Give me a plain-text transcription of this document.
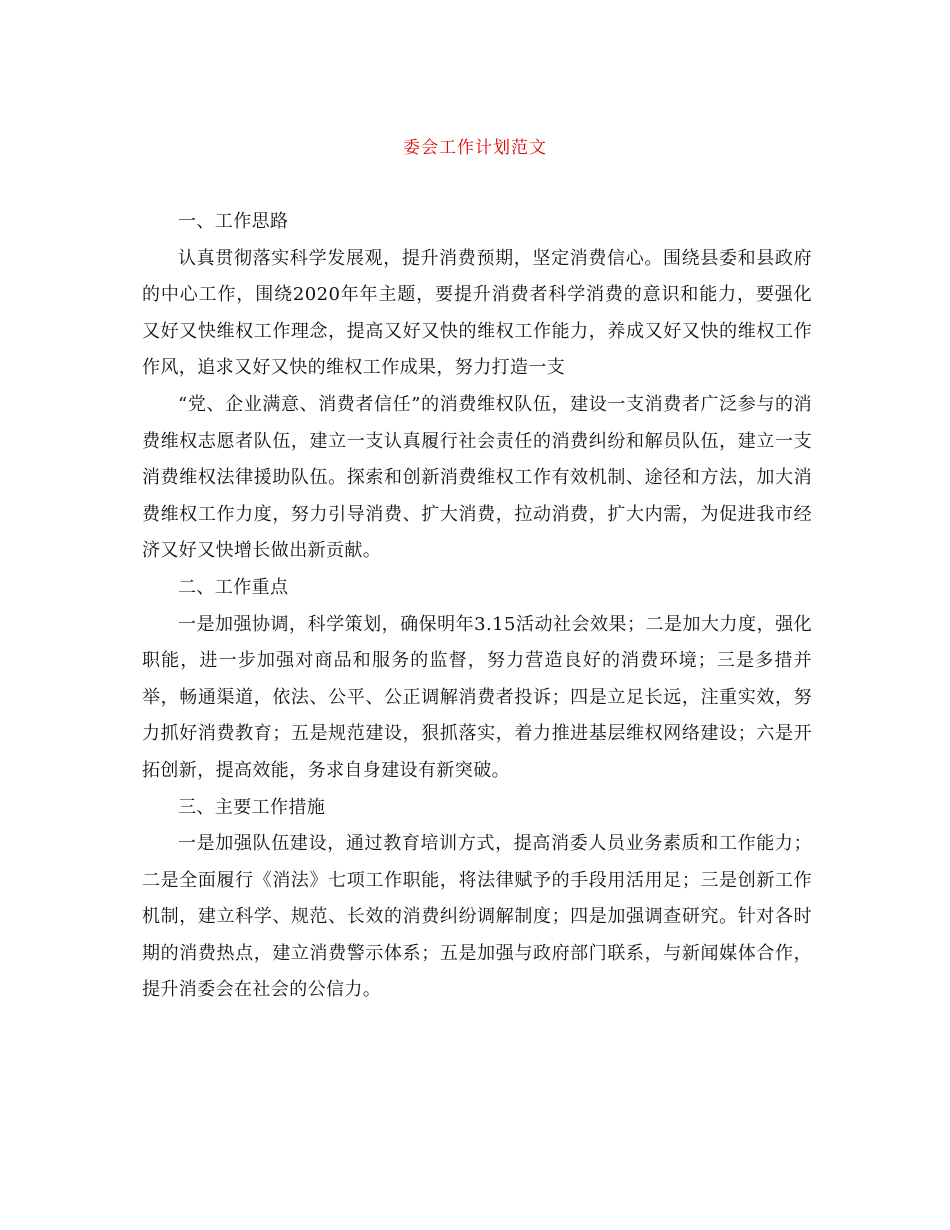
委会工作计划范文

一、工作思路

认真贯彻落实科学发展观，提升消费预期，坚定消费信心。围绕县委和县政府的中心工作，围绕2020年年主题，要提升消费者科学消费的意识和能力，要强化又好又快维权工作理念，提高又好又快的维权工作能力，养成又好又快的维权工作作风，追求又好又快的维权工作成果，努力打造一支

“党、企业满意、消费者信任”的消费维权队伍，建设一支消费者广泛参与的消费维权志愿者队伍，建立一支认真履行社会责任的消费纠纷和解员队伍，建立一支消费维权法律援助队伍。探索和创新消费维权工作有效机制、途径和方法，加大消费维权工作力度，努力引导消费、扩大消费，拉动消费，扩大内需，为促进我市经济又好又快增长做出新贡献。

二、工作重点

一是加强协调，科学策划，确保明年3.15活动社会效果；二是加大力度，强化职能，进一步加强对商品和服务的监督，努力营造良好的消费环境；三是多措并举，畅通渠道，依法、公平、公正调解消费者投诉；四是立足长远，注重实效，努力抓好消费教育；五是规范建设，狠抓落实，着力推进基层维权网络建设；六是开拓创新，提高效能，务求自身建设有新突破。

三、主要工作措施

一是加强队伍建设，通过教育培训方式，提高消委人员业务素质和工作能力；二是全面履行《消法》七项工作职能，将法律赋予的手段用活用足；三是创新工作机制，建立科学、规范、长效的消费纠纷调解制度；四是加强调查研究。针对各时期的消费热点，建立消费警示体系；五是加强与政府部门联系，与新闻媒体合作，提升消委会在社会的公信力。
